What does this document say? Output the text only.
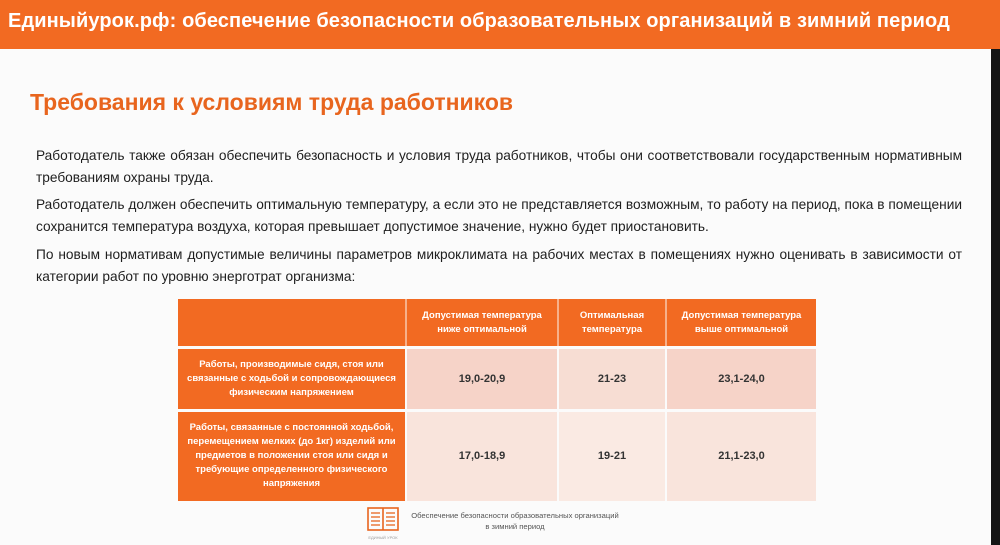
Единыйурок.рф: обеспечение безопасности образовательных организаций в зимний период
Требования к условиям труда работников
Работодатель также обязан обеспечить безопасность и условия труда работников, чтобы они соответствовали государственным нормативным требованиям охраны труда.
Работодатель должен обеспечить оптимальную температуру, а если это не представляется возможным, то работу на период, пока в помещении сохранится температура воздуха, которая превышает допустимое значение, нужно будет приостановить.
По новым нормативам допустимые величины параметров микроклимата на рабочих местах в помещениях нужно оценивать в зависимости от категории работ по уровню энерготрат организма:
	Допустимая температура ниже оптимальной	Оптимальная температура	Допустимая температура выше оптимальной
Работы, производимые сидя, стоя или связанные с ходьбой и сопровождающиеся физическим напряжением	19,0-20,9	21-23	23,1-24,0
Работы, связанные с постоянной ходьбой, перемещением мелких (до 1кг) изделий или предметов в положении стоя или сидя и требующие определенного физического напряжения	17,0-18,9	19-21	21,1-23,0
ЕДИНЫЙ УРОК
Обеспечение безопасности образовательных организаций в зимний период
